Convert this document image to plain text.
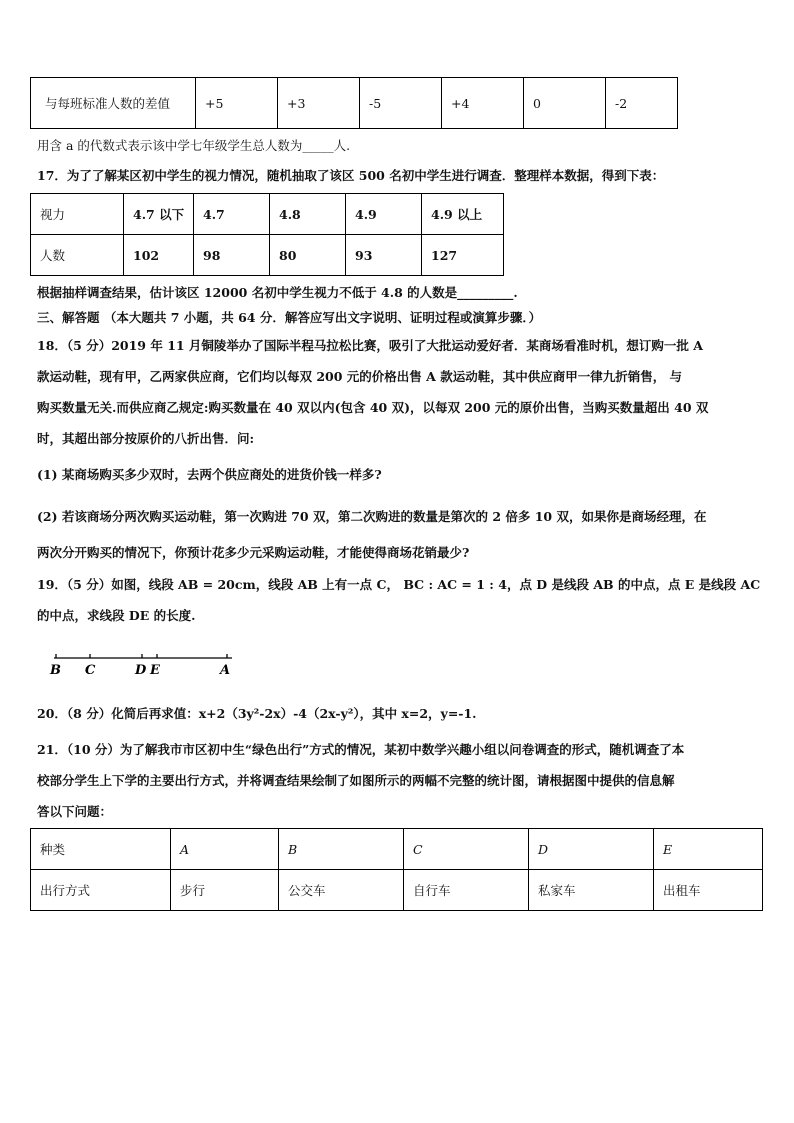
与每班标准人数的差值	+5	+3	-5	+4	0	-2
用含 a 的代数式表示该中学七年级学生总人数为_____人.
17．为了了解某区初中学生的视力情况，随机抽取了该区 500 名初中学生进行调查．整理样本数据，得到下表：
视力	4.7 以下	4.7	4.8	4.9	4.9 以上
人数	102	98	80	93	127
根据抽样调查结果，估计该区 12000 名初中学生视力不低于 4.8 的人数是_________.
三、解答题 （本大题共 7 小题，共 64 分．解答应写出文字说明、证明过程或演算步骤．）
18．（5 分）2019 年 11 月铜陵举办了国际半程马拉松比赛，吸引了大批运动爱好者．某商场看准时机，想订购一批 A
款运动鞋，现有甲，乙两家供应商，它们均以每双 200 元的价格出售 A 款运动鞋，其中供应商甲一律九折销售， 与
购买数量无关.而供应商乙规定:购买数量在 40 双以内(包含 40 双)，以每双 200 元的原价出售，当购买数量超出 40 双
时，其超出部分按原价的八折出售．问:
(1) 某商场购买多少双时，去两个供应商处的进货价钱一样多?
(2) 若该商场分两次购买运动鞋，第一次购进 70 双，第二次购进的数量是第次的 2 倍多 10 双，如果你是商场经理，在
两次分开购买的情况下，你预计花多少元采购运动鞋，才能使得商场花销最少?
19．（5 分）如图，线段 AB = 20cm，线段 AB 上有一点 C， BC : AC = 1 : 4，点 D 是线段 AB 的中点，点 E 是线段 AC
的中点，求线段 DE 的长度.
B C	D E	A
20．（8 分）化简后再求值：x+2（3y²-2x）-4（2x-y²），其中 x=2，y=-1.
21．（10 分）为了解我市市区初中生“绿色出行”方式的情况，某初中数学兴趣小组以问卷调查的形式，随机调查了本
校部分学生上下学的主要出行方式，并将调查结果绘制了如图所示的两幅不完整的统计图，请根据图中提供的信息解
答以下问题：
种类	A	B	C	D	E
出行方式	步行	公交车	自行车	私家车	出租车
